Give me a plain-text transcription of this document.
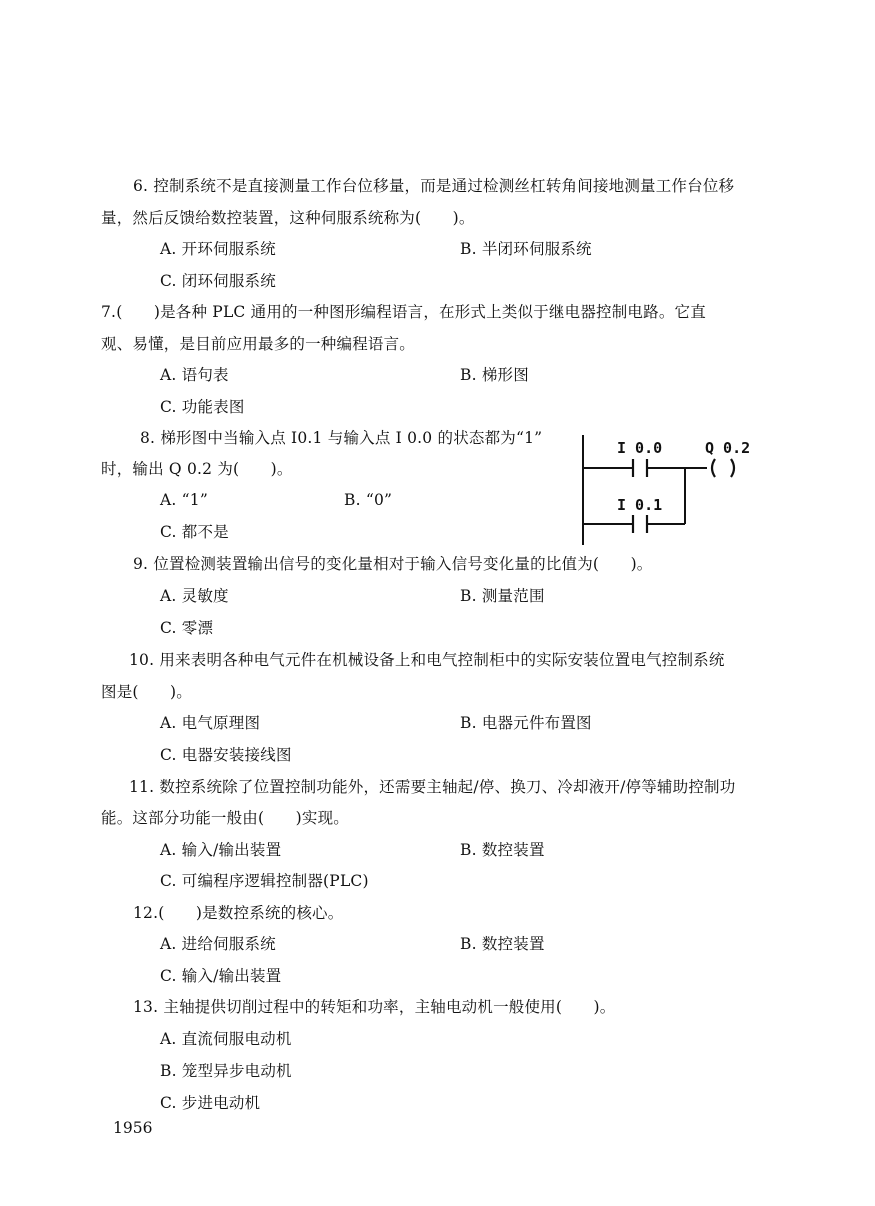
6. 控制系统不是直接测量工作台位移量，而是通过检测丝杠转角间接地测量工作台位移
量，然后反馈给数控装置，这种伺服系统称为(　　)。
A. 开环伺服系统	B. 半闭环伺服系统
C. 闭环伺服系统
7.(　　)是各种 PLC 通用的一种图形编程语言，在形式上类似于继电器控制电路。它直
观、易懂，是目前应用最多的一种编程语言。
A. 语句表	B. 梯形图
C. 功能表图
8. 梯形图中当输入点 I0.1 与输入点 I 0.0 的状态都为“1”
时，输出 Q 0.2 为(　　)。
A. “1”	B. “0”
C. 都不是
I 0.0	Q 0.2
I 0.1
9. 位置检测装置输出信号的变化量相对于输入信号变化量的比值为(　　)。
A. 灵敏度	B. 测量范围
C. 零漂
10. 用来表明各种电气元件在机械设备上和电气控制柜中的实际安装位置电气控制系统
图是(　　)。
A. 电气原理图	B. 电器元件布置图
C. 电器安装接线图
11. 数控系统除了位置控制功能外，还需要主轴起/停、换刀、冷却液开/停等辅助控制功
能。这部分功能一般由(　　)实现。
A. 输入/输出装置	B. 数控装置
C. 可编程序逻辑控制器(PLC)
12.(　　)是数控系统的核心。
A. 进给伺服系统	B. 数控装置
C. 输入/输出装置
13. 主轴提供切削过程中的转矩和功率，主轴电动机一般使用(　　)。
A. 直流伺服电动机
B. 笼型异步电动机
C. 步进电动机
1956
